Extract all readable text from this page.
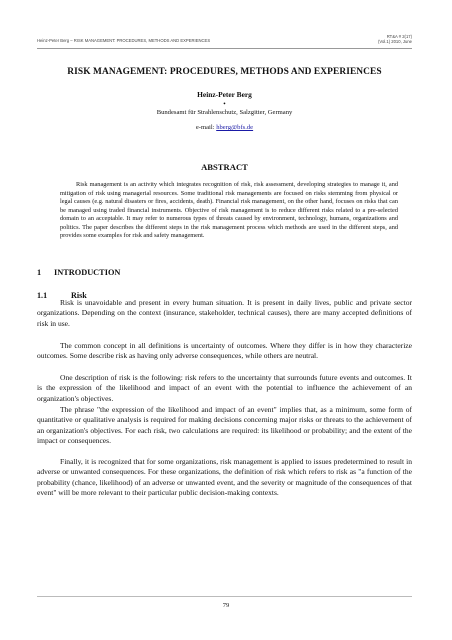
Heinz-Peter Berg – RISK MANAGEMENT: PROCEDURES, METHODS AND EXPERIENCES
RT&A # 2(17)
(Vol.1) 2010, June
RISK MANAGEMENT: PROCEDURES, METHODS AND EXPERIENCES
Heinz-Peter Berg
•
Bundesamt für Strahlenschutz, Salzgitter, Germany
e-mail: hberg@bfs.de
ABSTRACT
Risk management is an activity which integrates recognition of risk, risk assessment, developing strategies to manage it, and mitigation of risk using managerial resources. Some traditional risk managements are focused on risks stemming from physical or legal causes (e.g. natural disasters or fires, accidents, death). Financial risk management, on the other hand, focuses on risks that can be managed using traded financial instruments. Objective of risk management is to reduce different risks related to a pre-selected domain to an acceptable. It may refer to numerous types of threats caused by environment, technology, humans, organizations and politics. The paper describes the different steps in the risk management process which methods are used in the different steps, and provides some examples for risk and safety management.
1 INTRODUCTION
1.1	Risk

Risk is unavoidable and present in every human situation. It is present in daily lives, public and private sector organizations. Depending on the context (insurance, stakeholder, technical causes), there are many accepted definitions of risk in use.

The common concept in all definitions is uncertainty of outcomes. Where they differ is in how they characterize outcomes. Some describe risk as having only adverse consequences, while others are neutral.

One description of risk is the following: risk refers to the uncertainty that surrounds future events and outcomes. It is the expression of the likelihood and impact of an event with the potential to influence the achievement of an organization's objectives.

The phrase "the expression of the likelihood and impact of an event" implies that, as a minimum, some form of quantitative or qualitative analysis is required for making decisions concerning major risks or threats to the achievement of an organization's objectives. For each risk, two calculations are required: its likelihood or probability; and the extent of the impact or consequences.

Finally, it is recognized that for some organizations, risk management is applied to issues predetermined to result in adverse or unwanted consequences. For these organizations, the definition of risk which refers to risk as "a function of the probability (chance, likelihood) of an adverse or unwanted event, and the severity or magnitude of the consequences of that event" will be more relevant to their particular public decision-making contexts.

79
